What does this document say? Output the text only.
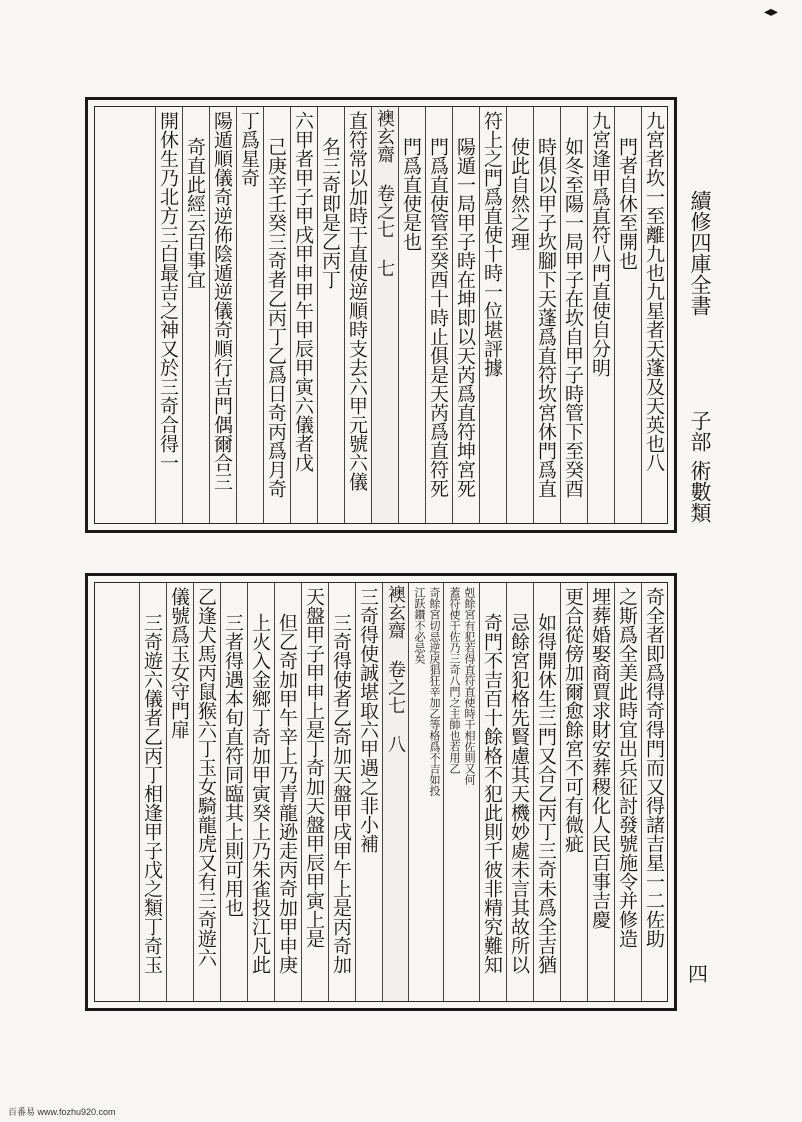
◂▸
續修四庫全書
子部
術數類
四
九宮者坎一至離九也九星者天蓬及天英也八
門者自休至開也
九宮逢甲爲直符八門直使自分明
如冬至陽一局甲子在坎自甲子時管下至癸酉
時俱以甲子坎腳下天蓬爲直符坎宮休門爲直
使此自然之理
符上之門爲直使十時一位堪評據
陽遁一局甲子時在坤即以天芮爲直符坤宮死
門爲直使管至癸酉十時止俱是天芮爲直符死
門爲直使是也
襖玄齋 卷之七 七
直符常以加時干直使逆順時支去六甲元號六儀
名三奇即是乙丙丁
六甲者甲子甲戌甲申甲午甲辰甲寅六儀者戊
己庚辛壬癸三奇者乙丙丁乙爲日奇丙爲月奇
丁爲星奇
陽遁順儀奇逆佈陰遁逆儀奇順行吉門偶爾合三
奇直此經云百事宜
開休生乃北方三白最吉之神又於三奇合得一
奇全者即爲得奇得門而又得諸吉星一二佐助
之斯爲全美此時宜出兵征討發號施令并修造
埋葬婚娶商賈求財安葬稷化人民百事吉慶
更合從傍加爾愈餘宮不可有微疵
如得開休生三門又合乙丙丁三奇未爲全吉猶
忌餘宮犯格先賢慮其天機妙處未言其故所以
奇門不吉百十餘格不犯此則千彼非精究難知
剋餘宮有犯若得直符直使時干相佐則又何
蓋符使干佐乃三奇八門之主帥也若用乙
奇餘宮切忌逆戾猖狂辛加乙等格爲不吉如投
江跃鑽不必忌矣
襖玄齋 卷之七 八
三奇得使誠堪取六甲遇之非小補
三奇得使者乙奇加天盤甲戌甲午上是丙奇加
天盤甲子甲申上是丁奇加天盤甲辰甲寅上是
但乙奇加甲午辛上乃青龍逊走丙奇加甲申庚
上火入金鄉丁奇加甲寅癸上乃朱雀投江凡此
三者得遇本旬直符同臨其上則可用也
乙逢犬馬丙鼠猴六丁玉女騎龍虎又有三奇遊六
儀號爲玉女守門扉
三奇遊六儀者乙丙丁相逢甲子戊之類丁奇玉
百番易 www.fozhu920.com
